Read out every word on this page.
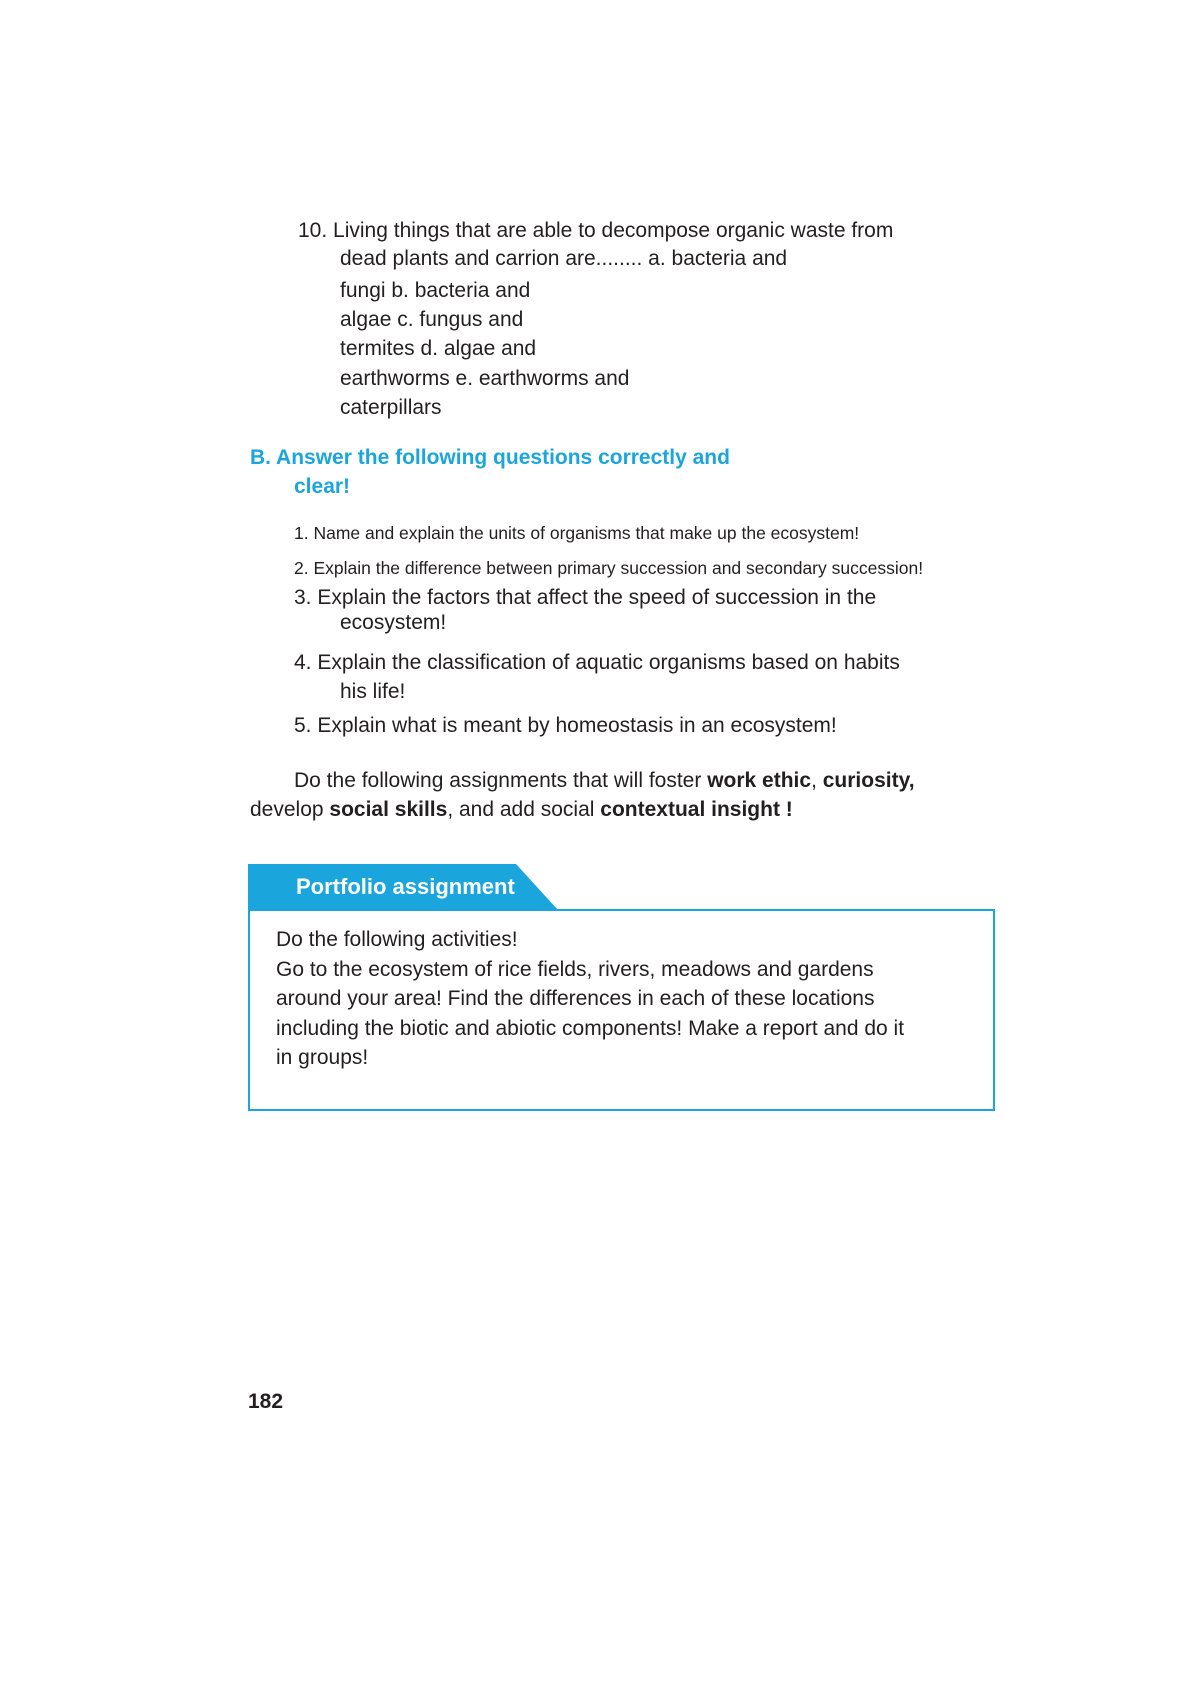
10. Living things that are able to decompose organic waste from
dead plants and carrion are........ a. bacteria and
fungi b. bacteria and
algae c. fungus and
termites d. algae and
earthworms e. earthworms and
caterpillars
B. Answer the following questions correctly and
clear!
1. Name and explain the units of organisms that make up the ecosystem!
2. Explain the difference between primary succession and secondary succession!
3. Explain the factors that affect the speed of succession in the
ecosystem!
4. Explain the classification of aquatic organisms based on habits
his life!
5. Explain what is meant by homeostasis in an ecosystem!
Do the following assignments that will foster work ethic, curiosity,
develop social skills, and add social contextual insight !
Portfolio assignment
Do the following activities!
Go to the ecosystem of rice fields, rivers, meadows and gardens
around your area! Find the differences in each of these locations
including the biotic and abiotic components! Make a report and do it
in groups!
182
